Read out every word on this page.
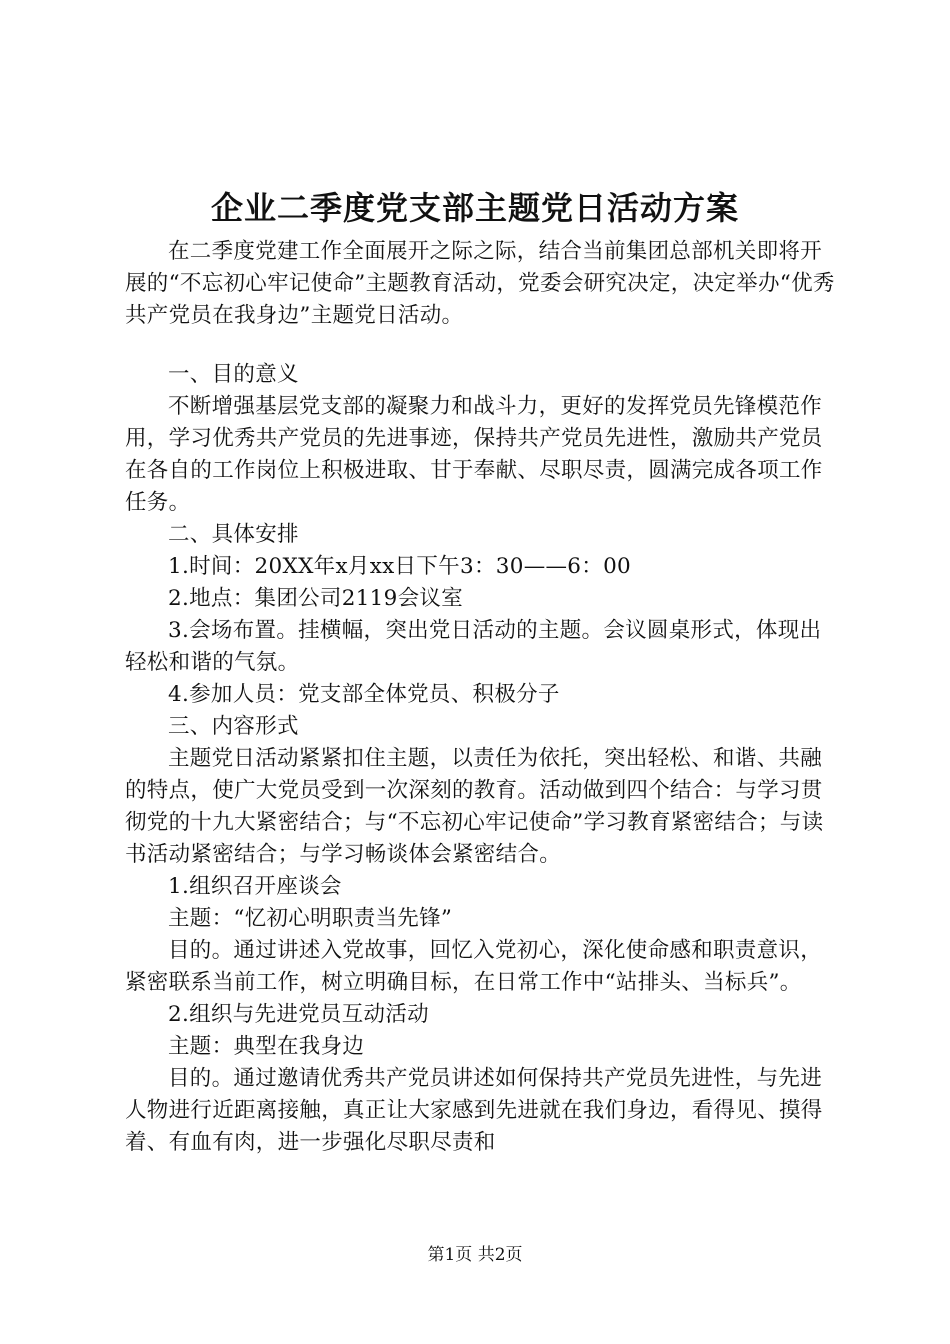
企业二季度党支部主题党日活动方案

在二季度党建工作全面展开之际之际，结合当前集团总部机关即将开展的“不忘初心牢记使命”主题教育活动，党委会研究决定，决定举办“优秀共产党员在我身边”主题党日活动。

一、目的意义

不断增强基层党支部的凝聚力和战斗力，更好的发挥党员先锋模范作用，学习优秀共产党员的先进事迹，保持共产党员先进性，激励共产党员在各自的工作岗位上积极进取、甘于奉献、尽职尽责，圆满完成各项工作任务。

二、具体安排

1.时间：20XX年x月xx日下午3：30——6：00

2.地点：集团公司2119会议室

3.会场布置。挂横幅，突出党日活动的主题。会议圆桌形式，体现出轻松和谐的气氛。

4.参加人员：党支部全体党员、积极分子

三、内容形式

主题党日活动紧紧扣住主题，以责任为依托，突出轻松、和谐、共融的特点，使广大党员受到一次深刻的教育。活动做到四个结合：与学习贯彻党的十九大紧密结合；与“不忘初心牢记使命”学习教育紧密结合；与读书活动紧密结合；与学习畅谈体会紧密结合。

1.组织召开座谈会

主题：“忆初心明职责当先锋”

目的。通过讲述入党故事，回忆入党初心，深化使命感和职责意识，紧密联系当前工作，树立明确目标，在日常工作中“站排头、当标兵”。

2.组织与先进党员互动活动

主题：典型在我身边

目的。通过邀请优秀共产党员讲述如何保持共产党员先进性，与先进人物进行近距离接触，真正让大家感到先进就在我们身边，看得见、摸得着、有血有肉，进一步强化尽职尽责和

第1页 共2页
